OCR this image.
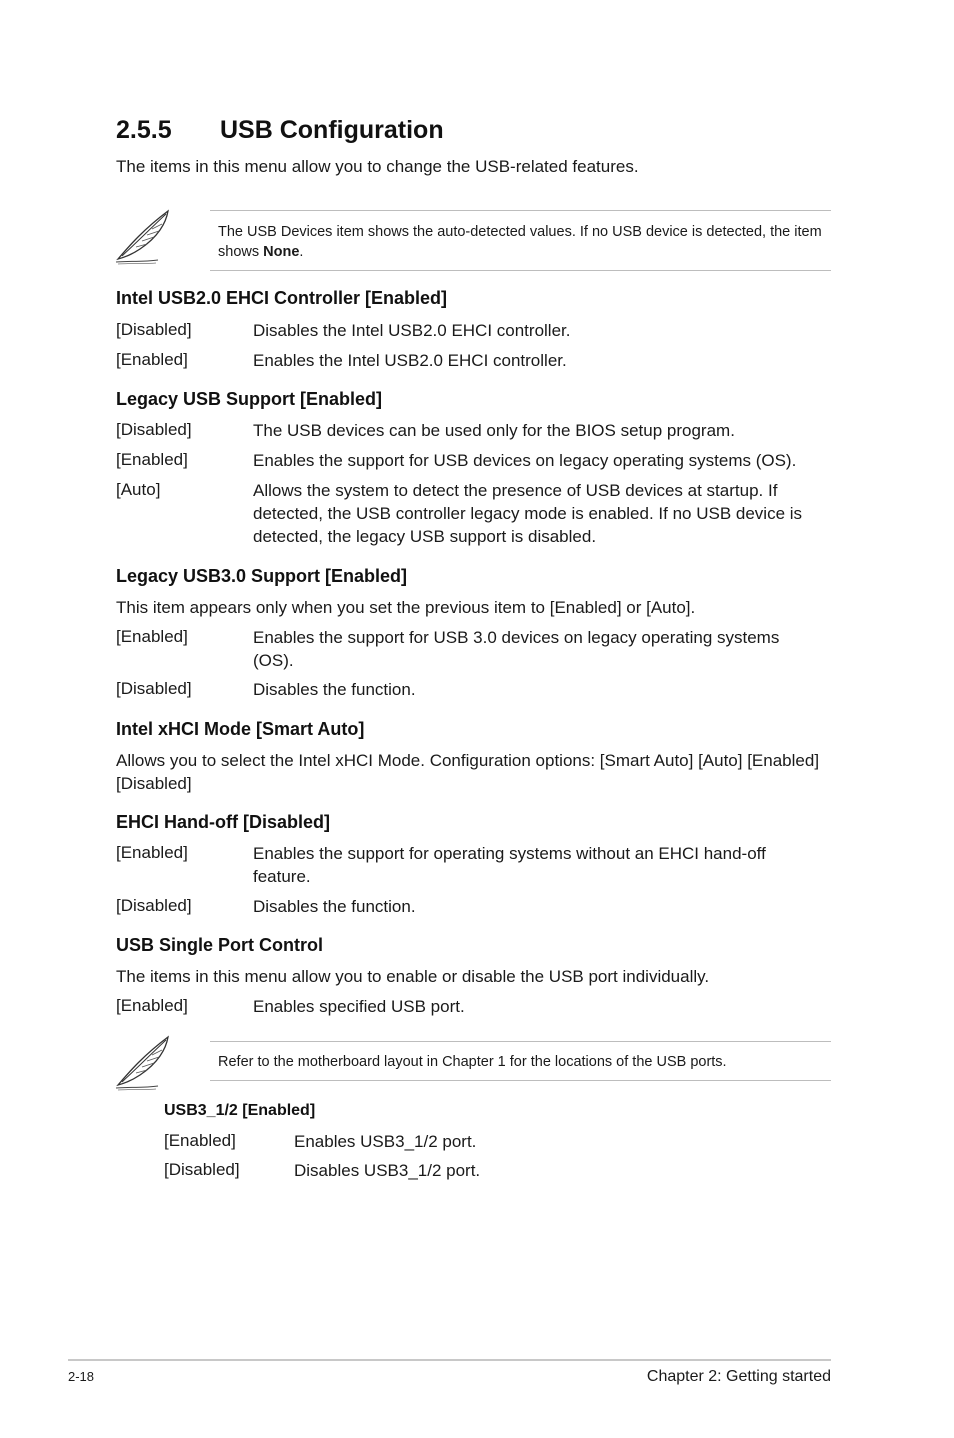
2.5.5 USB Configuration
The items in this menu allow you to change the USB-related features.
The USB Devices item shows the auto-detected values. If no USB device is detected, the item shows None.
Intel USB2.0 EHCI Controller [Enabled]
[Disabled]	Disables the Intel USB2.0 EHCI controller.
[Enabled]	Enables the Intel USB2.0 EHCI controller.
Legacy USB Support [Enabled]
[Disabled]	The USB devices can be used only for the BIOS setup program.
[Enabled]	Enables the support for USB devices on legacy operating systems (OS).
[Auto]	Allows the system to detect the presence of USB devices at startup. If detected, the USB controller legacy mode is enabled. If no USB device is detected, the legacy USB support is disabled.
Legacy USB3.0 Support [Enabled]
This item appears only when you set the previous item to [Enabled] or [Auto].
[Enabled]	Enables the support for USB 3.0 devices on legacy operating systems (OS).
[Disabled]	Disables the function.
Intel xHCI Mode [Smart Auto]
Allows you to select the Intel xHCI Mode. Configuration options: [Smart Auto] [Auto] [Enabled] [Disabled]
EHCI Hand-off [Disabled]
[Enabled]	Enables the support for operating systems without an EHCI hand-off feature.
[Disabled]	Disables the function.
USB Single Port Control
The items in this menu allow you to enable or disable the USB port individually.
[Enabled]	Enables specified USB port.
Refer to the motherboard layout in Chapter 1 for the locations of the USB ports.
USB3_1/2 [Enabled]
[Enabled]	Enables USB3_1/2 port.
[Disabled]	Disables USB3_1/2 port.
2-18	Chapter 2: Getting started
